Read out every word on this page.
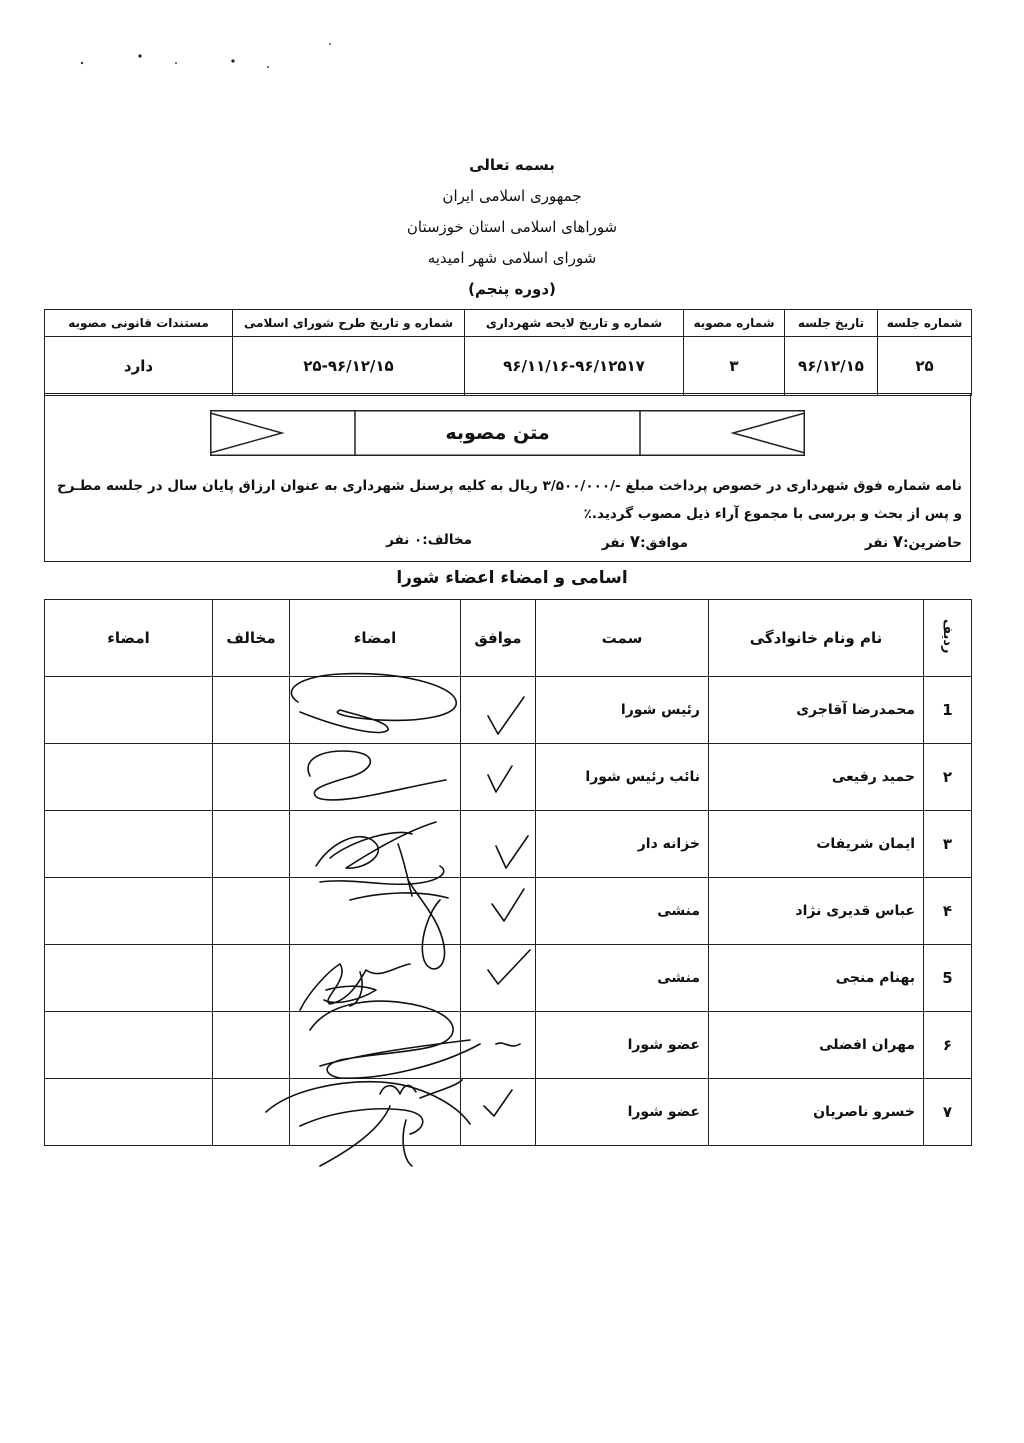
بسمه تعالی
جمهوری اسلامی ایران
شوراهای اسلامی استان خوزستان
شورای اسلامی شهر امیدیه
(دوره پنجم)
شماره جلسه	تاریخ جلسه	شماره مصوبه	شماره و تاریخ لایحه شهرداری	شماره و تاریخ طرح شورای اسلامی	مستندات قانونی مصوبه
۲۵	۹۶/۱۲/۱۵	۳	۹۶/۱۱/۱۶-۹۶/۱۲۵۱۷	۲۵-۹۶/۱۲/۱۵	دارد
متن مصوبه
نامه شماره فوق شهرداری در خصوص پرداخت مبلغ -/۳/۵۰۰/۰۰۰ ریال به کلیه پرسنل شهرداری به عنوان ارزاق پایان سال در جلسه مطـرح و پس از بحث و بررسی با مجموع آراء ذیل مصوب گردید.٪
حاضرین:۷ نفر
موافق:۷ نفر
مخالف:۰ نفر
اسامی و امضاء اعضاء شورا
ردیف	نام ونام خانوادگی	سمت	موافق	امضاء	مخالف	امضاء
1	محمدرضا آقاجری	رئیس شورا				
۲	حمید رفیعی	نائب رئیس شورا				
۳	ایمان شریفات	خزانه دار				
۴	عباس قدیری نژاد	منشی				
5	بهنام منجی	منشی				
۶	مهران افضلی	عضو شورا				
۷	خسرو ناصریان	عضو شورا				
